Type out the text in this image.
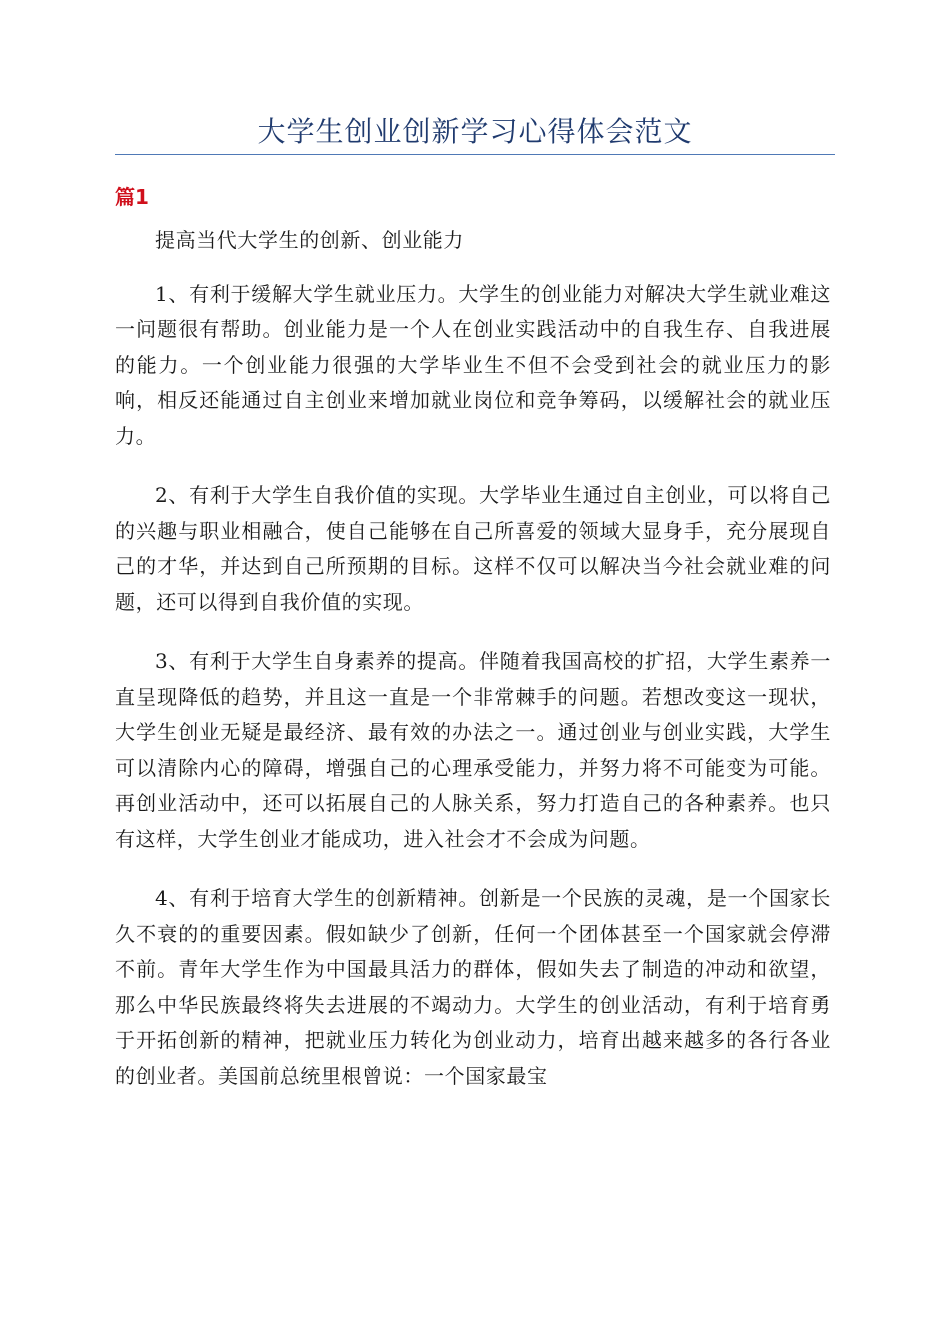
大学生创业创新学习心得体会范文
篇1

提高当代大学生的创新、创业能力

1、有利于缓解大学生就业压力。大学生的创业能力对解决大学生就业难这一问题很有帮助。创业能力是一个人在创业实践活动中的自我生存、自我进展的能力。一个创业能力很强的大学毕业生不但不会受到社会的就业压力的影响，相反还能通过自主创业来增加就业岗位和竞争筹码，以缓解社会的就业压力。

2、有利于大学生自我价值的实现。大学毕业生通过自主创业，可以将自己的兴趣与职业相融合，使自己能够在自己所喜爱的领域大显身手，充分展现自己的才华，并达到自己所预期的目标。这样不仅可以解决当今社会就业难的问题，还可以得到自我价值的实现。

3、有利于大学生自身素养的提高。伴随着我国高校的扩招，大学生素养一直呈现降低的趋势，并且这一直是一个非常棘手的问题。若想改变这一现状，大学生创业无疑是最经济、最有效的办法之一。通过创业与创业实践，大学生可以清除内心的障碍，增强自己的心理承受能力，并努力将不可能变为可能。再创业活动中，还可以拓展自己的人脉关系，努力打造自己的各种素养。也只有这样，大学生创业才能成功，进入社会才不会成为问题。

4、有利于培育大学生的创新精神。创新是一个民族的灵魂，是一个国家长久不衰的的重要因素。假如缺少了创新，任何一个团体甚至一个国家就会停滞不前。青年大学生作为中国最具活力的群体，假如失去了制造的冲动和欲望，那么中华民族最终将失去进展的不竭动力。大学生的创业活动，有利于培育勇于开拓创新的精神，把就业压力转化为创业动力，培育出越来越多的各行各业的创业者。美国前总统里根曾说：一个国家最宝
